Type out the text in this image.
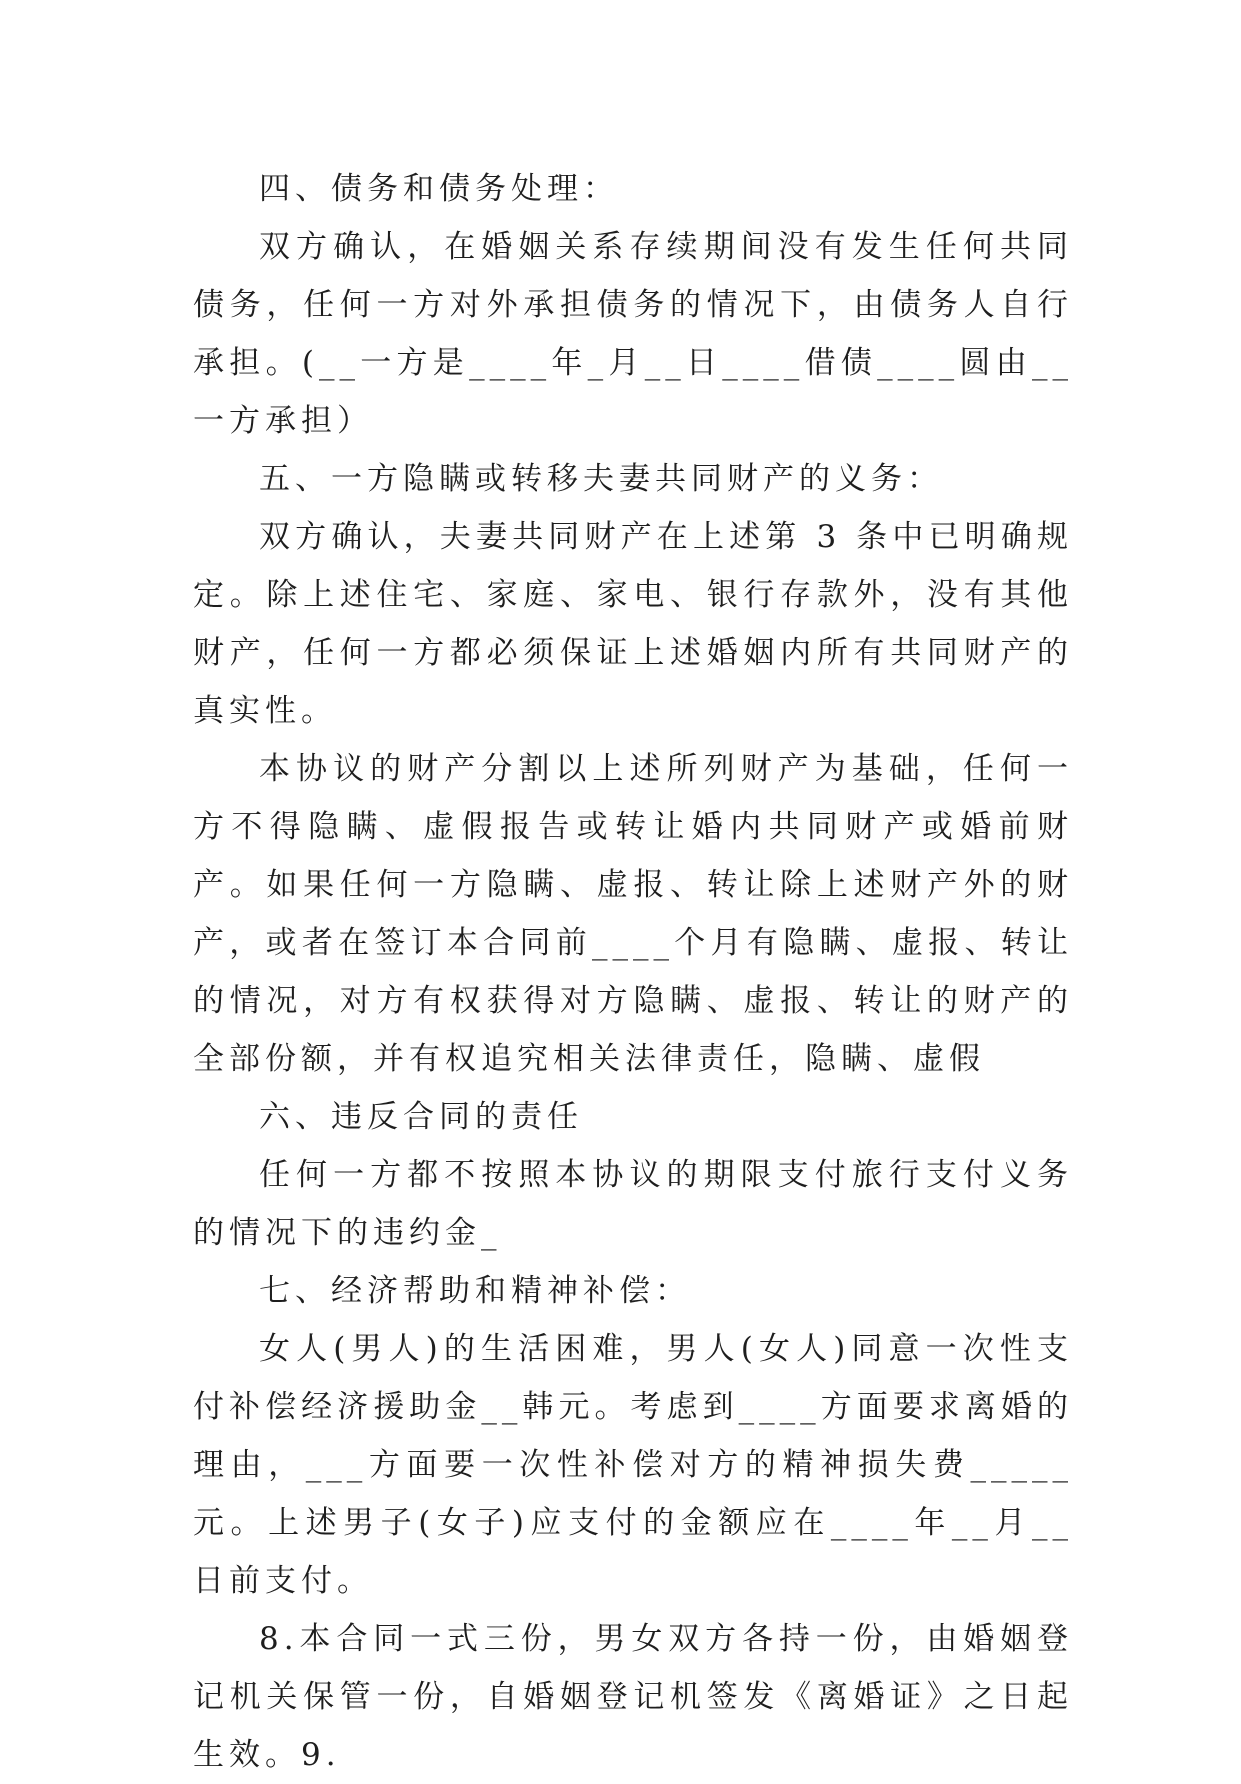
四、债务和债务处理：

双方确认，在婚姻关系存续期间没有发生任何共同债务，任何一方对外承担债务的情况下，由债务人自行承担。(__一方是____年_月__日____借债____圆由__一方承担）

五、一方隐瞒或转移夫妻共同财产的义务：

双方确认，夫妻共同财产在上述第 3 条中已明确规定。除上述住宅、家庭、家电、银行存款外，没有其他财产，任何一方都必须保证上述婚姻内所有共同财产的真实性。

本协议的财产分割以上述所列财产为基础，任何一方不得隐瞒、虚假报告或转让婚内共同财产或婚前财产。如果任何一方隐瞒、虚报、转让除上述财产外的财产，或者在签订本合同前____个月有隐瞒、虚报、转让的情况，对方有权获得对方隐瞒、虚报、转让的财产的全部份额，并有权追究相关法律责任，隐瞒、虚假

六、违反合同的责任

任何一方都不按照本协议的期限支付旅行支付义务的情况下的违约金_

七、经济帮助和精神补偿：

女人(男人)的生活困难，男人(女人)同意一次性支付补偿经济援助金__韩元。考虑到____方面要求离婚的理由，___方面要一次性补偿对方的精神损失费_____元。上述男子(女子)应支付的金额应在____年__月__日前支付。

8.本合同一式三份，男女双方各持一份，由婚姻登记机关保管一份，自婚姻登记机签发《离婚证》之日起生效。9.
